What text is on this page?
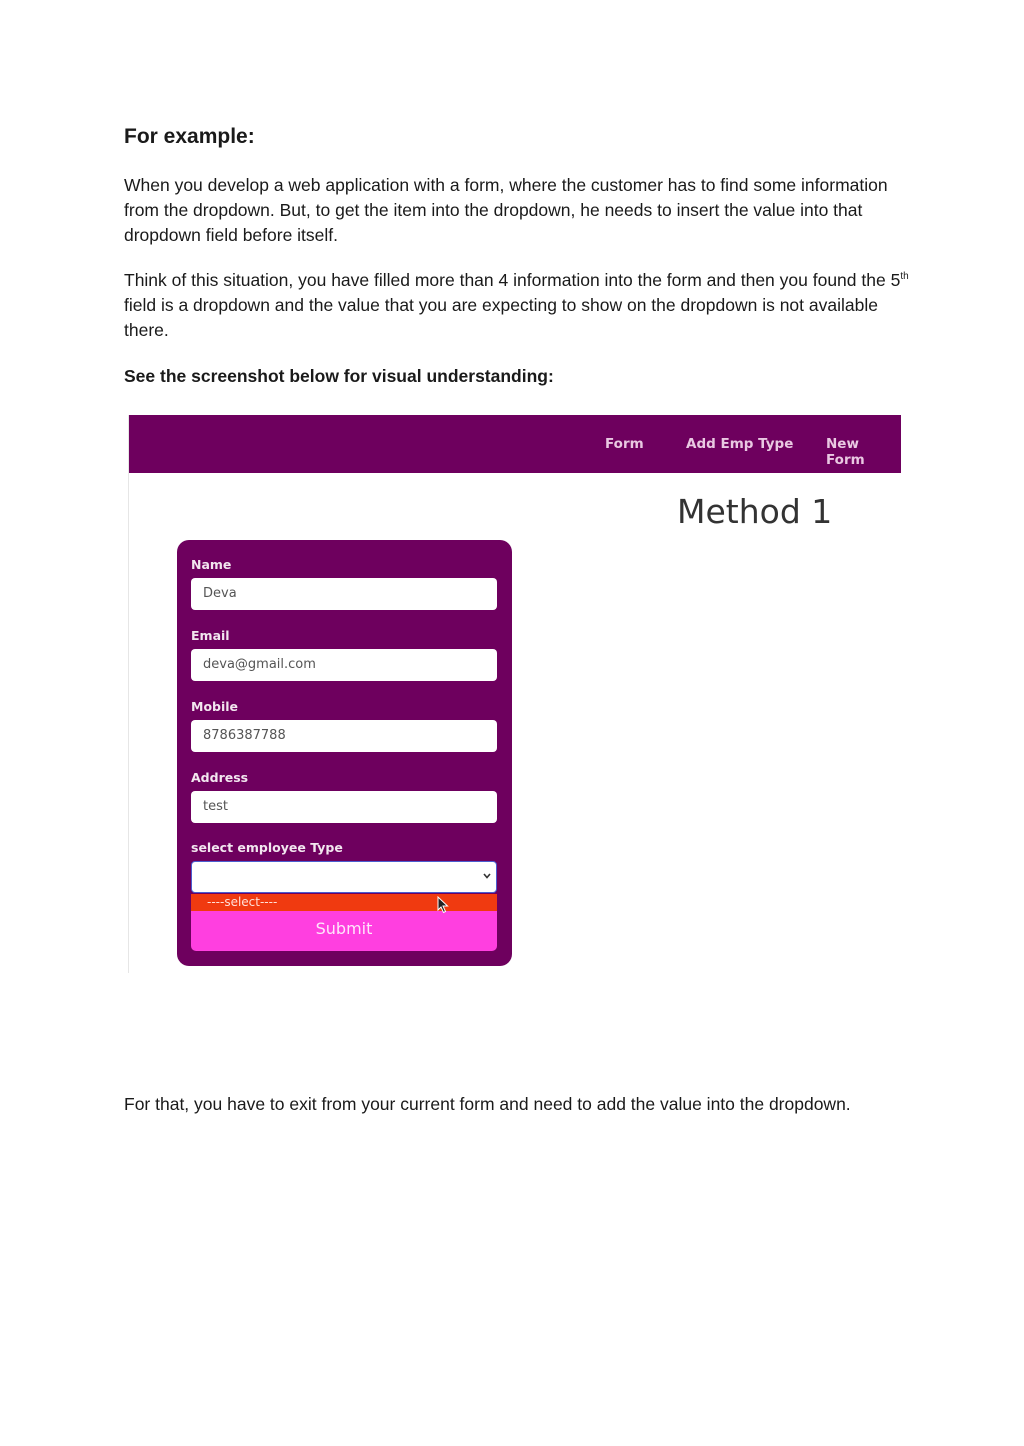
For example:

When you develop a web application with a form, where the customer has to find some information from the dropdown. But, to get the item into the dropdown, he needs to insert the value into that dropdown field before itself.

Think of this situation, you have filled more than 4 information into the form and then you found the 5th field is a dropdown and the value that you are expecting to show on the dropdown is not available there.

See the screenshot below for visual understanding:

Form	Add Emp Type New Form
Method 1
Name
Deva
Email
deva@gmail.com
Mobile
8786387788
Address
test
select employee Type
----select----
Submit

For that, you have to exit from your current form and need to add the value into the dropdown.
